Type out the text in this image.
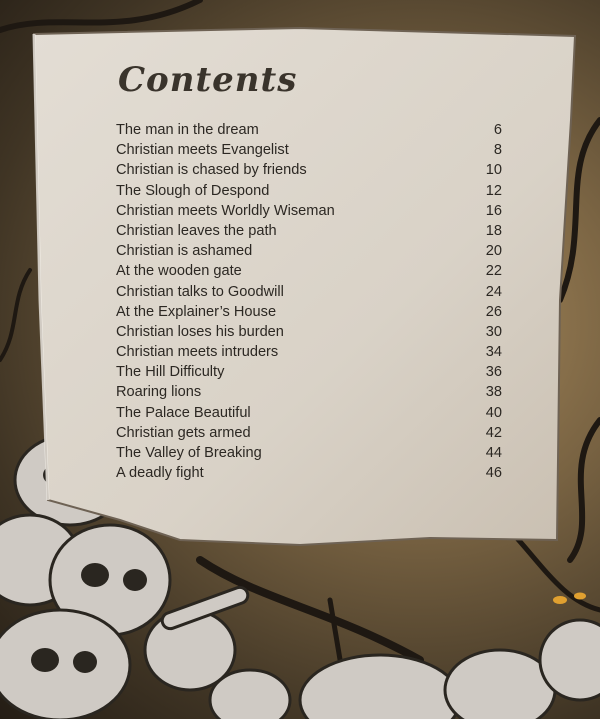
Contents
The man in the dream	6
Christian meets Evangelist	8
Christian is chased by friends	10
The Slough of Despond	12
Christian meets Worldly Wiseman	16
Christian leaves the path	18
Christian is ashamed	20
At the wooden gate	22
Christian talks to Goodwill	24
At the Explainer’s House	26
Christian loses his burden	30
Christian meets intruders	34
The Hill Difficulty	36
Roaring lions	38
The Palace Beautiful	40
Christian gets armed	42
The Valley of Breaking	44
A deadly fight	46
